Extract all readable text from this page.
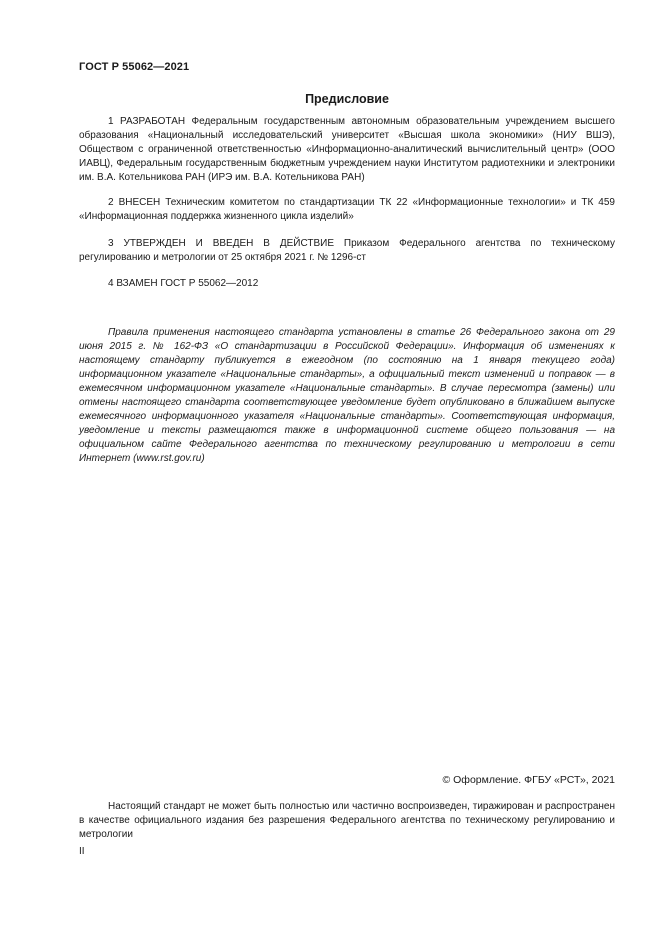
ГОСТ Р 55062—2021
Предисловие

1 РАЗРАБОТАН Федеральным государственным автономным образовательным учреждением высшего образования «Национальный исследовательский университет «Высшая школа экономики» (НИУ ВШЭ), Обществом с ограниченной ответственностью «Информационно-аналитический вычислительный центр» (ООО ИАВЦ), Федеральным государственным бюджетным учреждением науки Институтом радиотехники и электроники им. В.А. Котельникова РАН (ИРЭ им. В.А. Котельникова РАН)

2 ВНЕСЕН Техническим комитетом по стандартизации ТК 22 «Информационные технологии» и ТК 459 «Информационная поддержка жизненного цикла изделий»

3 УТВЕРЖДЕН И ВВЕДЕН В ДЕЙСТВИЕ Приказом Федерального агентства по техническому регулированию и метрологии от 25 октября 2021 г. № 1296-ст

4 ВЗАМЕН ГОСТ Р 55062—2012

Правила применения настоящего стандарта установлены в статье 26 Федерального закона от 29 июня 2015 г. № 162-ФЗ «О стандартизации в Российской Федерации». Информация об изменениях к настоящему стандарту публикуется в ежегодном (по состоянию на 1 января текущего года) информационном указателе «Национальные стандарты», а официальный текст изменений и поправок — в ежемесячном информационном указателе «Национальные стандарты». В случае пересмотра (замены) или отмены настоящего стандарта соответствующее уведомление будет опубликовано в ближайшем выпуске ежемесячного информационного указателя «Национальные стандарты». Соответствующая информация, уведомление и тексты размещаются также в информационной системе общего пользования — на официальном сайте Федерального агентства по техническому регулированию и метрологии в сети Интернет (www.rst.gov.ru)

© Оформление. ФГБУ «РСТ», 2021

Настоящий стандарт не может быть полностью или частично воспроизведен, тиражирован и распространен в качестве официального издания без разрешения Федерального агентства по техническому регулированию и метрологии

II
